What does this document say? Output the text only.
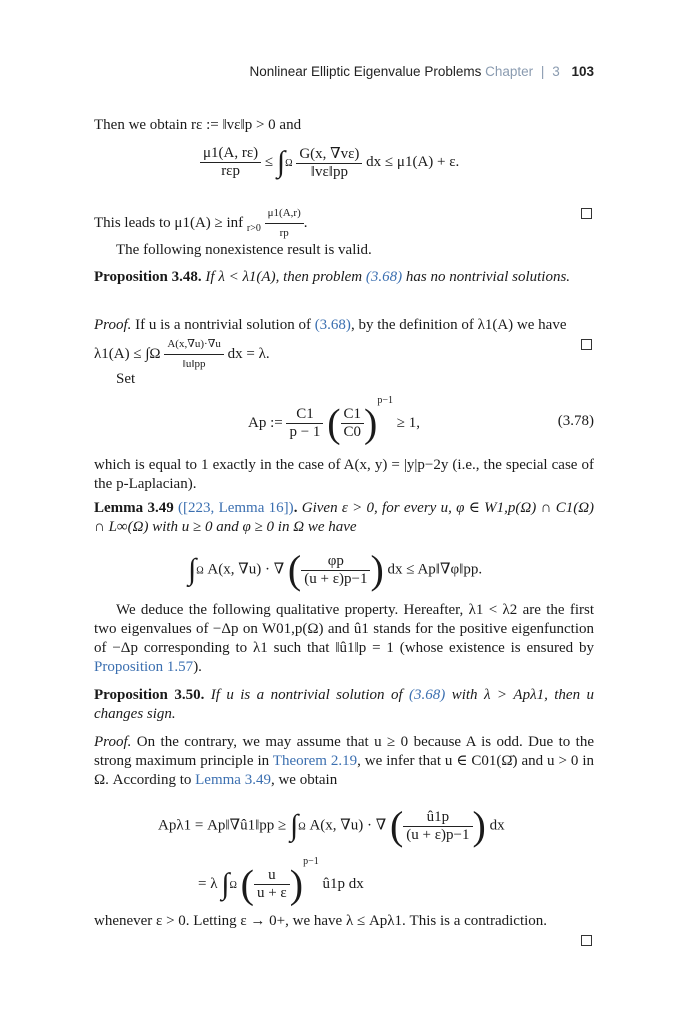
Nonlinear Elliptic Eigenvalue Problems Chapter | 3 103
Then we obtain rε := ‖vε‖p > 0 and
$\frac{\mu 1(A, r\varepsilon)}{\text{rεp}} \le \int\Omega \frac{G(x, \nabla v\varepsilon)}{‖v\varepsilon‖pp}$ dx ≤ μ1(A) + ε.
This leads to μ1(A) ≥ inf $_{r>0} \frac{\mu 1(A,r)}{rp}$ .
The following nonexistence result is valid.
Proposition 3.48. If λ < λ1(A), then problem (3.68) has no nontrivial solutions.
Proof. If u is a nontrivial solution of (3.68), by the definition of λ1(A) we have
$\lambda 1(A) \le \int\Omega \frac{A(x,\nabla u)\cdot\nabla u}{‖u‖pp}$ dx = λ.
Set
Ap := $\frac{C1}{p - 1}$ ( $\frac{C1}{C0} )^{p-1} \ge 1$,	(3.78)
which is equal to 1 exactly in the case of A(x, y) = |y|p−2y (i.e., the special case of the p-Laplacian).
Lemma 3.49 ([223, Lemma 16]). Given ε > 0, for every u, φ ∈ W1,p(Ω) ∩ C1(Ω) ∩ L∞(Ω) with u ≥ 0 and φ ≥ 0 in Ω we have
∫Ω A(x, ∇u) · ∇ ( $\frac{\varphi p}{(u + \varepsilon)p-1}$ ) dx ≤ Ap‖∇φ‖pp.
We deduce the following qualitative property. Hereafter, λ1 < λ2 are the first two eigenvalues of −Δp on W01,p(Ω) and û1 stands for the positive eigenfunction of −Δp corresponding to λ1 such that ‖û1‖p = 1 (whose existence is ensured by Proposition 1.57).
Proposition 3.50. If u is a nontrivial solution of (3.68) with λ > Apλ1, then u changes sign.
Proof. On the contrary, we may assume that u ≥ 0 because A is odd. Due to the strong maximum principle in Theorem 2.19, we infer that u ∈ C01(Ω̄) and u > 0 in Ω. According to Lemma 3.49, we obtain
Apλ1 = Ap‖∇û1‖pp ≥ ∫Ω A(x, ∇u) · ∇ ( $\frac{û1p}{(u + \varepsilon)p-1}$ ) dx
= λ ∫Ω ( $\frac{u}{u + \varepsilon} )^{p-1}$ û1p dx
whenever ε > 0. Letting ε → 0+, we have λ ≤ Apλ1. This is a contradiction.
